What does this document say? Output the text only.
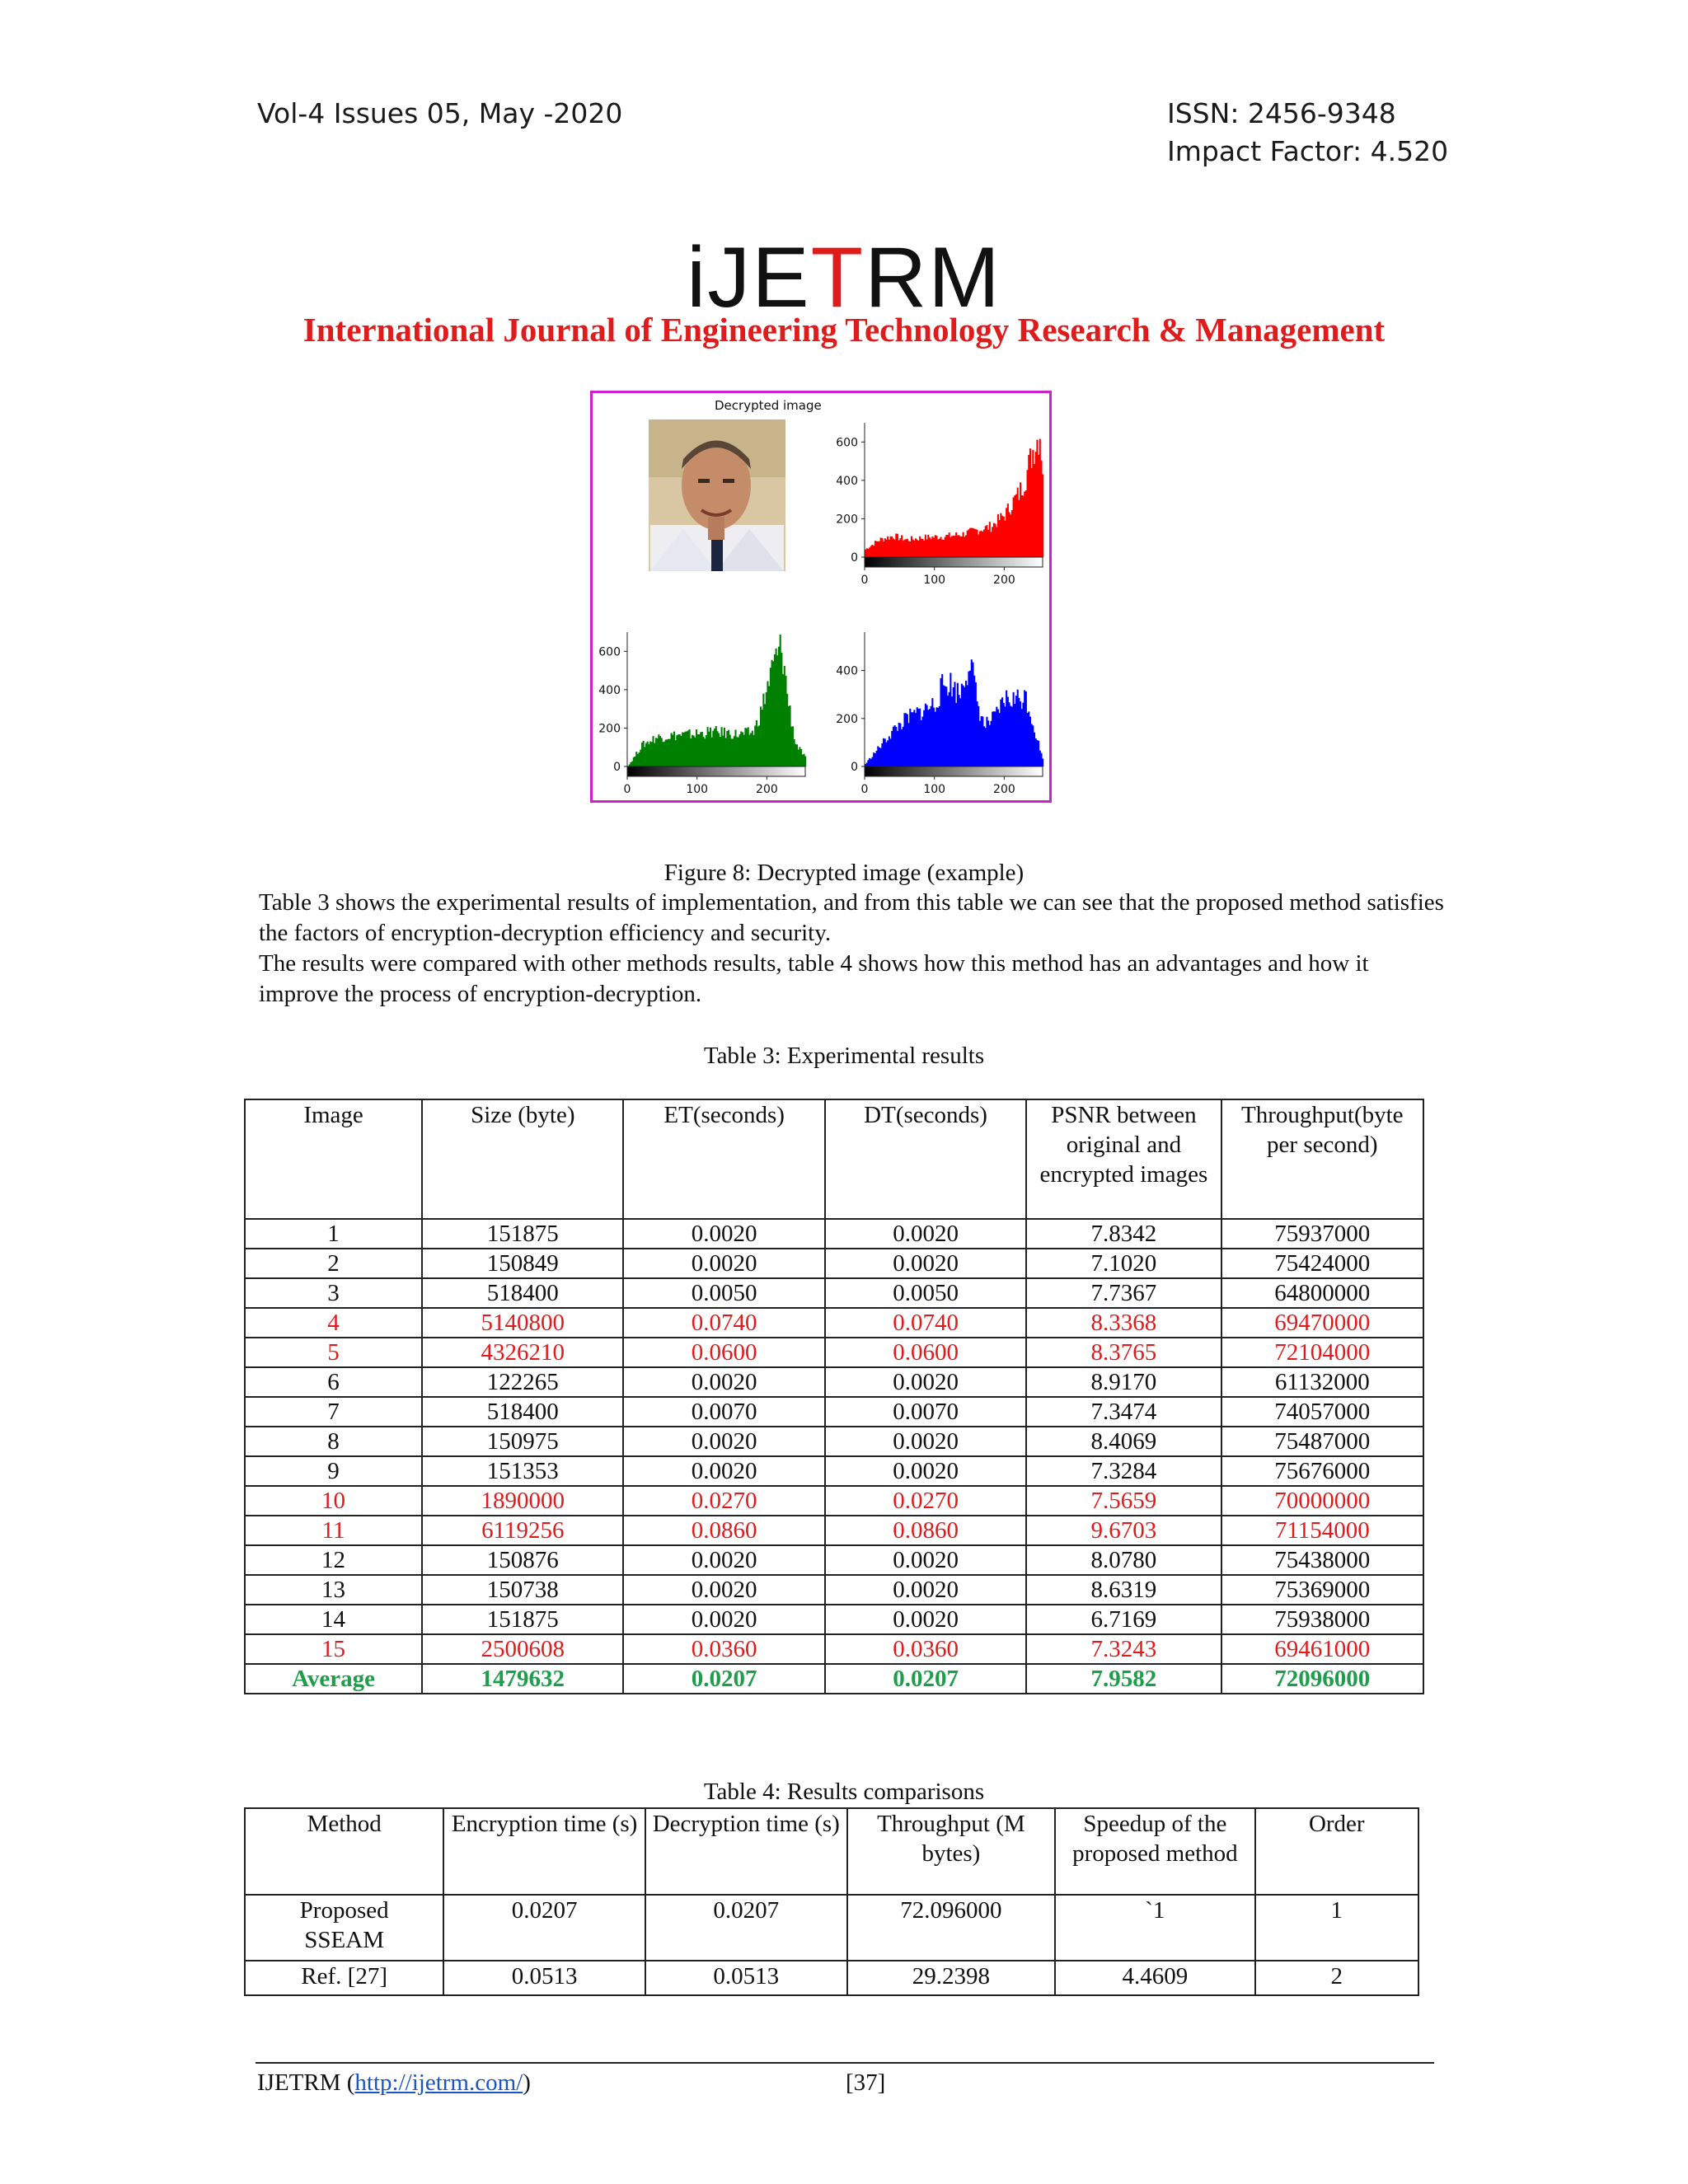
Vol-4 Issues 05, May -2020	ISSN: 2456-9348
Impact Factor: 4.520
iJETRM
International Journal of Engineering Technology Research & Management
Decrypted image
0
200
400
600
0	100	200
0
200
400
600
0	100	200
0
200
400
0	100	200
Figure 8: Decrypted image (example)
Table 3 shows the experimental results of implementation, and from this table we can see that the proposed method satisfies the factors of encryption-decryption efficiency and security.
The results were compared with other methods results, table 4 shows how this method has an advantages and how it improve the process of encryption-decryption.
Table 3: Experimental results
Image	Size (byte)	ET(seconds)	DT(seconds)	PSNR between original and encrypted images	Throughput(byte per second)
1	151875	0.0020	0.0020	7.8342	75937000
2	150849	0.0020	0.0020	7.1020	75424000
3	518400	0.0050	0.0050	7.7367	64800000
4	5140800	0.0740	0.0740	8.3368	69470000
5	4326210	0.0600	0.0600	8.3765	72104000
6	122265	0.0020	0.0020	8.9170	61132000
7	518400	0.0070	0.0070	7.3474	74057000
8	150975	0.0020	0.0020	8.4069	75487000
9	151353	0.0020	0.0020	7.3284	75676000
10	1890000	0.0270	0.0270	7.5659	70000000
11	6119256	0.0860	0.0860	9.6703	71154000
12	150876	0.0020	0.0020	8.0780	75438000
13	150738	0.0020	0.0020	8.6319	75369000
14	151875	0.0020	0.0020	6.7169	75938000
15	2500608	0.0360	0.0360	7.3243	69461000
Average	1479632	0.0207	0.0207	7.9582	72096000
Table 4: Results comparisons
Method	Encryption time (s)	Decryption time (s)	Throughput (M bytes)	Speedup of the proposed method	Order
Proposed SSEAM	0.0207	0.0207	72.096000	`1	1
Ref. [27]	0.0513	0.0513	29.2398	4.4609	2
IJETRM (http://ijetrm.com/)	[37]
